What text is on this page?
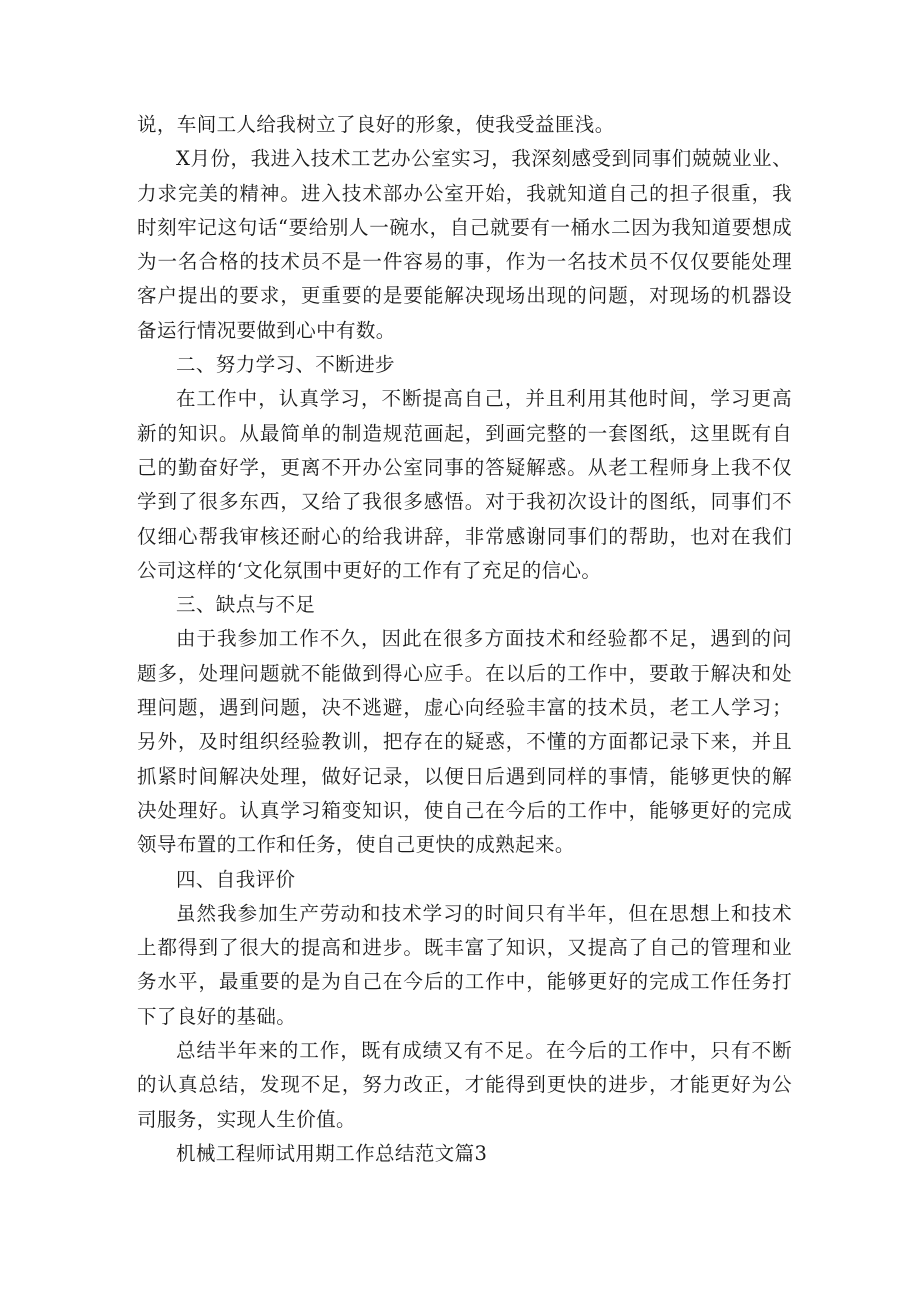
说，车间工人给我树立了良好的形象，使我受益匪浅。

X月份，我进入技术工艺办公室实习，我深刻感受到同事们兢兢业业、力求完美的精神。进入技术部办公室开始，我就知道自己的担子很重，我时刻牢记这句话“要给别人一碗水，自己就要有一桶水二因为我知道要想成为一名合格的技术员不是一件容易的事，作为一名技术员不仅仅要能处理客户提出的要求，更重要的是要能解决现场出现的问题，对现场的机器设备运行情况要做到心中有数。

二、努力学习、不断进步

在工作中，认真学习，不断提高自己，并且利用其他时间，学习更高新的知识。从最简单的制造规范画起，到画完整的一套图纸，这里既有自己的勤奋好学，更离不开办公室同事的答疑解惑。从老工程师身上我不仅学到了很多东西，又给了我很多感悟。对于我初次设计的图纸，同事们不仅细心帮我审核还耐心的给我讲辞，非常感谢同事们的帮助，也对在我们公司这样的‘文化氛围中更好的工作有了充足的信心。

三、缺点与不足

由于我参加工作不久，因此在很多方面技术和经验都不足，遇到的问题多，处理问题就不能做到得心应手。在以后的工作中，要敢于解决和处理问题，遇到问题，决不逃避，虚心向经验丰富的技术员，老工人学习；另外，及时组织经验教训，把存在的疑惑，不懂的方面都记录下来，并且抓紧时间解决处理，做好记录，以便日后遇到同样的事情，能够更快的解决处理好。认真学习箱变知识，使自己在今后的工作中，能够更好的完成领导布置的工作和任务，使自己更快的成熟起来。

四、自我评价

虽然我参加生产劳动和技术学习的时间只有半年，但在思想上和技术上都得到了很大的提高和进步。既丰富了知识，又提高了自己的管理和业务水平，最重要的是为自己在今后的工作中，能够更好的完成工作任务打下了良好的基础。

总结半年来的工作，既有成绩又有不足。在今后的工作中，只有不断的认真总结，发现不足，努力改正，才能得到更快的进步，才能更好为公司服务，实现人生价值。

机械工程师试用期工作总结范文篇3
